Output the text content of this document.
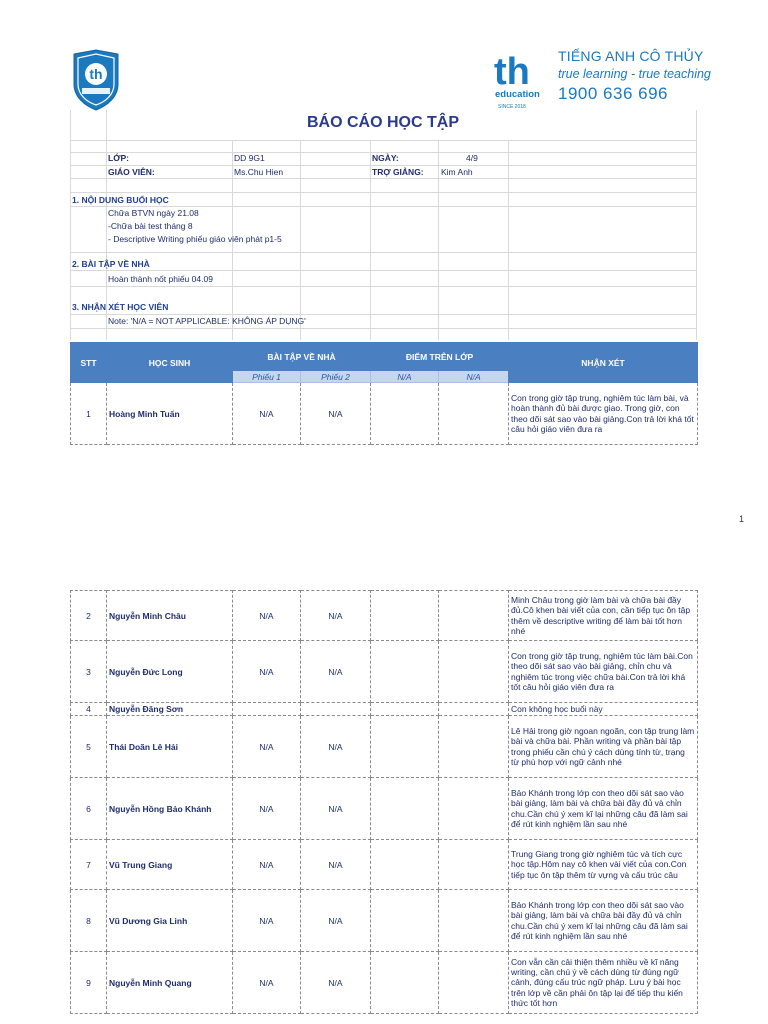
th	th
education
SINCE 2018
TIẾNG ANH CÔ THỦY
true learning - true teaching
1900 636 696
BÁO CÁO HỌC TẬP
LỚP:	DD 9G1	NGÀY:	4/9
GIÁO VIÊN:	Ms.Chu Hien	TRỢ GIẢNG: Kim Anh
1. NỘI DUNG BUỔI HỌC
Chữa BTVN ngày 21.08
-Chữa bài test tháng 8
- Descriptive Writing phiếu giáo viên phát p1-5
2. BÀI TẬP VỀ NHÀ
Hoàn thành nốt phiếu 04.09
3. NHẬN XÉT HỌC VIÊN
Note: 'N/A = NOT APPLICABLE: KHÔNG ÁP DỤNG'
STT	HỌC SINH	BÀI TẬP VỀ NHÀ		ĐIỂM TRÊN LỚP		NHẬN XÉT
		Phiếu 1	Phiếu 2	N/A	N/A	
1	Hoàng Minh Tuấn	N/A	N/A			Con trong giờ tập trung, nghiêm túc làm bài, và hoàn thành đủ bài được giao. Trong giờ, con theo dõi sát sao vào bài giảng.Con trả lời khá tốt câu hỏi giáo viên đưa ra
1
2	Nguyễn Minh Châu	N/A	N/A			Minh Châu trong giờ làm bài và chữa bài đầy đủ.Cô khen bài viết của con, cần tiếp tục ôn tập thêm về descriptive writing để làm bài tốt hơn nhé
3	Nguyễn Đức Long	N/A	N/A			Con trong giờ tập trung, nghiêm túc làm bài.Con theo dõi sát sao vào bài giảng, chỉn chu và nghiêm túc trong việc chữa bài.Con trả lời khá tốt câu hỏi giáo viên đưa ra
4	Nguyễn Đăng Sơn					Con không học buổi này
5	Thái Doãn Lê Hải	N/A	N/A			Lê Hải trong giờ ngoan ngoãn, con tập trung làm bài và chữa bài. Phần writing và phần bài tập trong phiếu cần chú ý cách dùng tính từ, trạng từ phù hợp với ngữ cảnh nhé
6	Nguyễn Hồng Bảo Khánh	N/A	N/A			Bảo Khánh trong lớp con theo dõi sát sao vào bài giảng, làm bài và chữa bài đầy đủ và chỉn chu.Cần chú ý xem kĩ lại những câu đã làm sai để rút kinh nghiệm lần sau nhé
7	Vũ Trung Giang	N/A	N/A			Trung Giang trong giờ nghiêm túc và tích cực học tập.Hôm nay cô khen vài viết của con.Con tiếp tục ôn tập thêm từ vựng và cấu trúc câu
8	Vũ Dương Gia Linh	N/A	N/A			Bảo Khánh trong lớp con theo dõi sát sao vào bài giảng, làm bài và chữa bài đầy đủ và chỉn chu.Cần chú ý xem kĩ lại những câu đã làm sai để rút kinh nghiệm lần sau nhé
9	Nguyễn Minh Quang	N/A	N/A			Con vẫn cần cải thiện thêm nhiều về kĩ năng writing, cần chú ý về cách dùng từ đúng ngữ cảnh, đúng cấu trúc ngữ pháp. Lưu ý bài học trên lớp về cần phải ôn tập lại để tiếp thu kiến thức tốt hơn
